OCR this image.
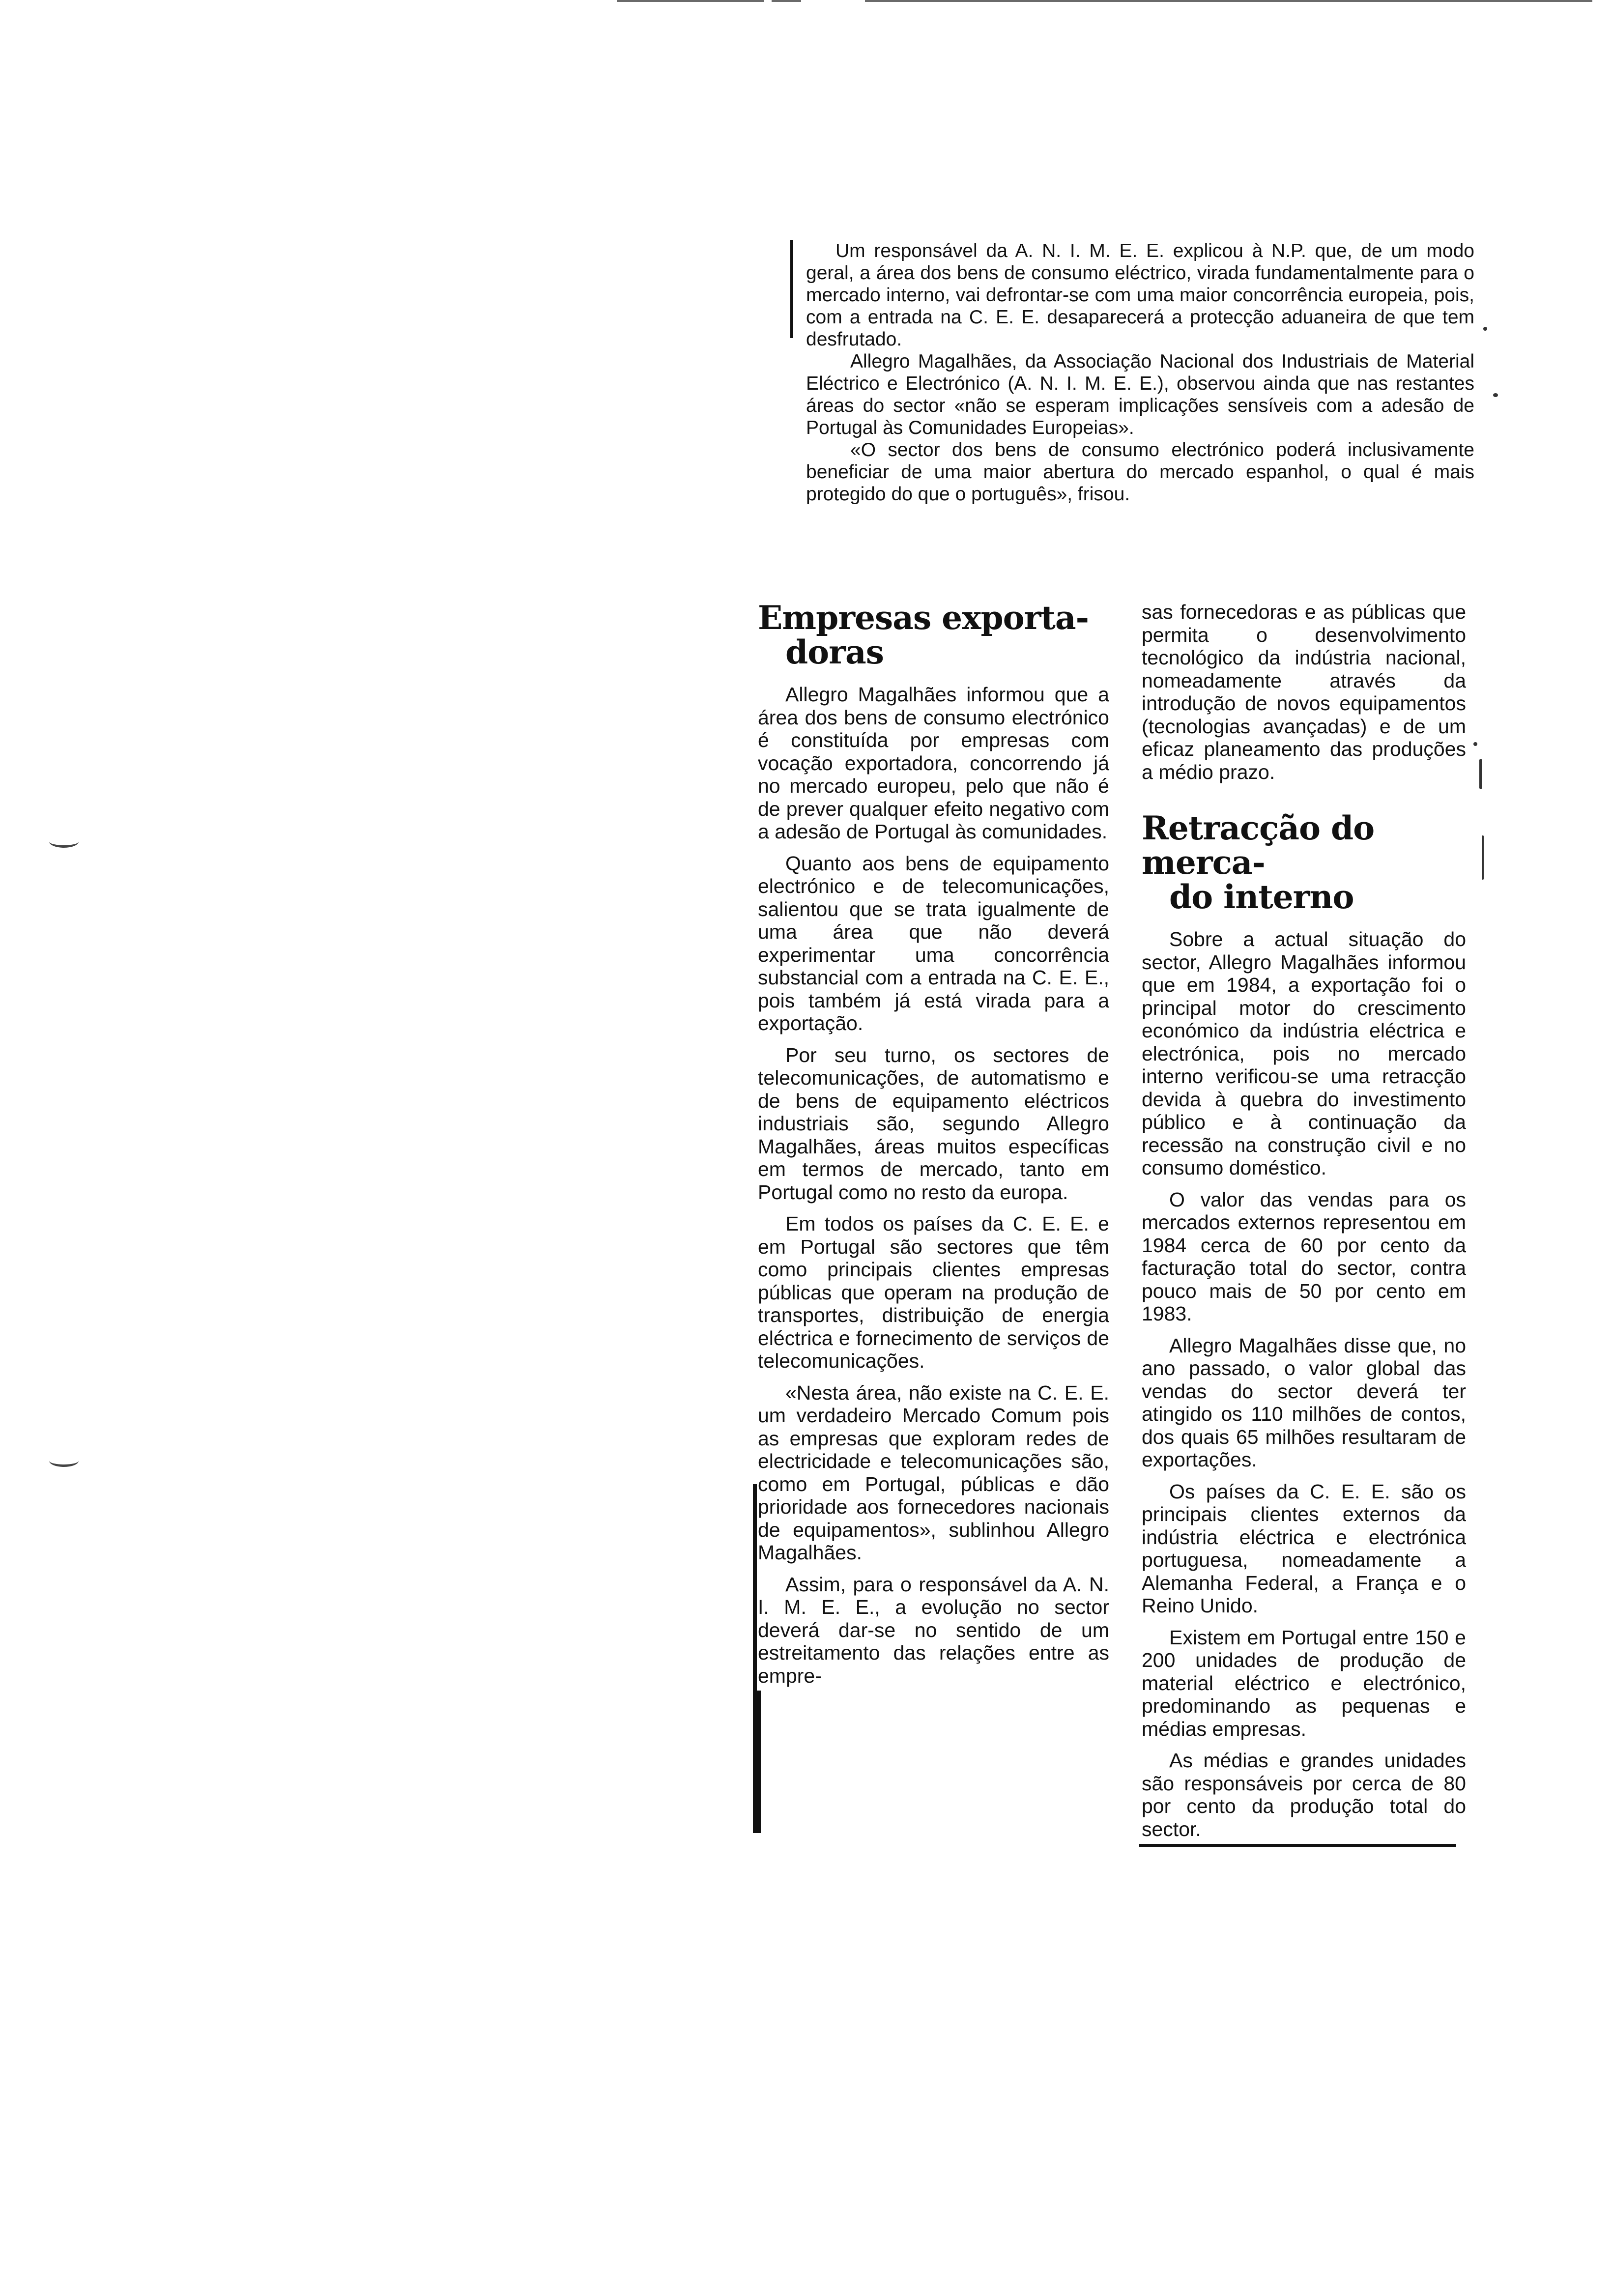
Um responsável da A. N. I. M. E. E. explicou à N.P. que, de um modo geral, a área dos bens de consumo eléctrico, virada fundamentalmente para o mercado interno, vai defrontar-se com uma maior concorrência europeia, pois, com a entrada na C. E. E. desaparecerá a protecção aduaneira de que tem desfrutado.

Allegro Magalhães, da Associação Nacional dos Industriais de Material Eléctrico e Electrónico (A. N. I. M. E. E.), observou ainda que nas restantes áreas do sector «não se esperam implicações sensíveis com a adesão de Portugal às Comunidades Europeias».

«O sector dos bens de consumo electrónico poderá inclusivamente beneficiar de uma maior abertura do mercado espanhol, o qual é mais protegido do que o português», frisou.

Empresas exporta-
doras

Allegro Magalhães informou que a área dos bens de consumo electrónico é constituída por empresas com vocação exportadora, concorrendo já no mercado europeu, pelo que não é de prever qualquer efeito negativo com a adesão de Portugal às comunidades.

Quanto aos bens de equipamento electrónico e de telecomunicações, salientou que se trata igualmente de uma área que não deverá experimentar uma concorrência substancial com a entrada na C. E. E., pois também já está virada para a exportação.

Por seu turno, os sectores de telecomunicações, de automatismo e de bens de equipamento eléctricos industriais são, segundo Allegro Magalhães, áreas muitos específicas em termos de mercado, tanto em Portugal como no resto da europa.

Em todos os países da C. E. E. e em Portugal são sectores que têm como principais clientes empresas públicas que operam na produção de transportes, distribuição de energia eléctrica e fornecimento de serviços de telecomunicações.

«Nesta área, não existe na C. E. E. um verdadeiro Mercado Comum pois as empresas que exploram redes de electricidade e telecomunicações são, como em Portugal, públicas e dão prioridade aos fornecedores nacionais de equipamentos», sublinhou Allegro Magalhães.

Assim, para o responsável da A. N. I. M. E. E., a evolução no sector deverá dar-se no sentido de um estreitamento das relações entre as empre-

sas fornecedoras e as públicas que permita o desenvolvimento tecnológico da indústria nacional, nomeadamente através da introdução de novos equipamentos (tecnologias avançadas) e de um eficaz planeamento das produções a médio prazo.

Retracção do merca-
do interno

Sobre a actual situação do sector, Allegro Magalhães informou que em 1984, a exportação foi o principal motor do crescimento económico da indústria eléctrica e electrónica, pois no mercado interno verificou-se uma retracção devida à quebra do investimento público e à continuação da recessão na construção civil e no consumo doméstico.

O valor das vendas para os mercados externos representou em 1984 cerca de 60 por cento da facturação total do sector, contra pouco mais de 50 por cento em 1983.

Allegro Magalhães disse que, no ano passado, o valor global das vendas do sector deverá ter atingido os 110 milhões de contos, dos quais 65 milhões resultaram de exportações.

Os países da C. E. E. são os principais clientes externos da indústria eléctrica e electrónica portuguesa, nomeadamente a Alemanha Federal, a França e o Reino Unido.

Existem em Portugal entre 150 e 200 unidades de produção de material eléctrico e electrónico, predominando as pequenas e médias empresas.

As médias e grandes unidades são responsáveis por cerca de 80 por cento da produção total do sector.
